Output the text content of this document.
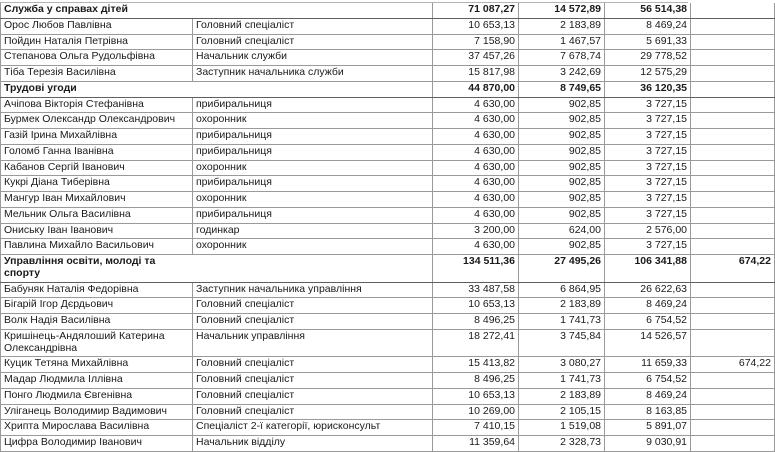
Служба у справах дітей		71 087,27	14 572,89	56 514,38	
Орос Любов Павлівна	Головний спеціаліст	10 653,13	2 183,89	8 469,24	
Пойдин Наталія Петрівна	Головний спеціаліст	7 158,90	1 467,57	5 691,33	
Степанова Ольга Рудольфівна	Начальник служби	37 457,26	7 678,74	29 778,52	
Тіба Терезія Василівна	Заступник начальника служби	15 817,98	3 242,69	12 575,29	
Трудові угоди		44 870,00	8 749,65	36 120,35	
Ачіпова Вікторія Стефанівна	прибиральниця	4 630,00	902,85	3 727,15	
Бурмек Олександр Олександрович	охоронник	4 630,00	902,85	3 727,15	
Газій Ірина Михайлівна	прибиральниця	4 630,00	902,85	3 727,15	
Голомб Ганна Іванівна	прибиральниця	4 630,00	902,85	3 727,15	
Кабанов Сергій Іванович	охоронник	4 630,00	902,85	3 727,15	
Кукрі Діана Тиберівна	прибиральниця	4 630,00	902,85	3 727,15	
Мангур Іван Михайлович	охоронник	4 630,00	902,85	3 727,15	
Мельник Ольга Василівна	прибиральниця	4 630,00	902,85	3 727,15	
Ониську Іван Іванович	годинкар	3 200,00	624,00	2 576,00	
Павлина Михайло Васильович	охоронник	4 630,00	902,85	3 727,15	
Управління освіти, молоді та спорту		134 511,36	27 495,26	106 341,88	674,22
Бабуняк Наталія Федорівна	Заступник начальника управління	33 487,58	6 864,95	26 622,63	
Бігарій Ігор Дєрдьович	Головний спеціаліст	10 653,13	2 183,89	8 469,24	
Волк Надія Василівна	Головний спеціаліст	8 496,25	1 741,73	6 754,52	
Кришінець-Андялоший Катерина Олександрівна	Начальник управління	18 272,41	3 745,84	14 526,57	
Куцик Тетяна Михайлівна	Головний спеціаліст	15 413,82	3 080,27	11 659,33	674,22
Мадар Людмила Іллівна	Головний спеціаліст	8 496,25	1 741,73	6 754,52	
Понго Людмила Євгенівна	Головний спеціаліст	10 653,13	2 183,89	8 469,24	
Уліганець Володимир Вадимович	Головний спеціаліст	10 269,00	2 105,15	8 163,85	
Хрипта Мирослава Василівна	Спеціаліст 2-ї категорії, юрисконсульт	7 410,15	1 519,08	5 891,07	
Цифра Володимир Іванович	Начальник відділу	11 359,64	2 328,73	9 030,91	
